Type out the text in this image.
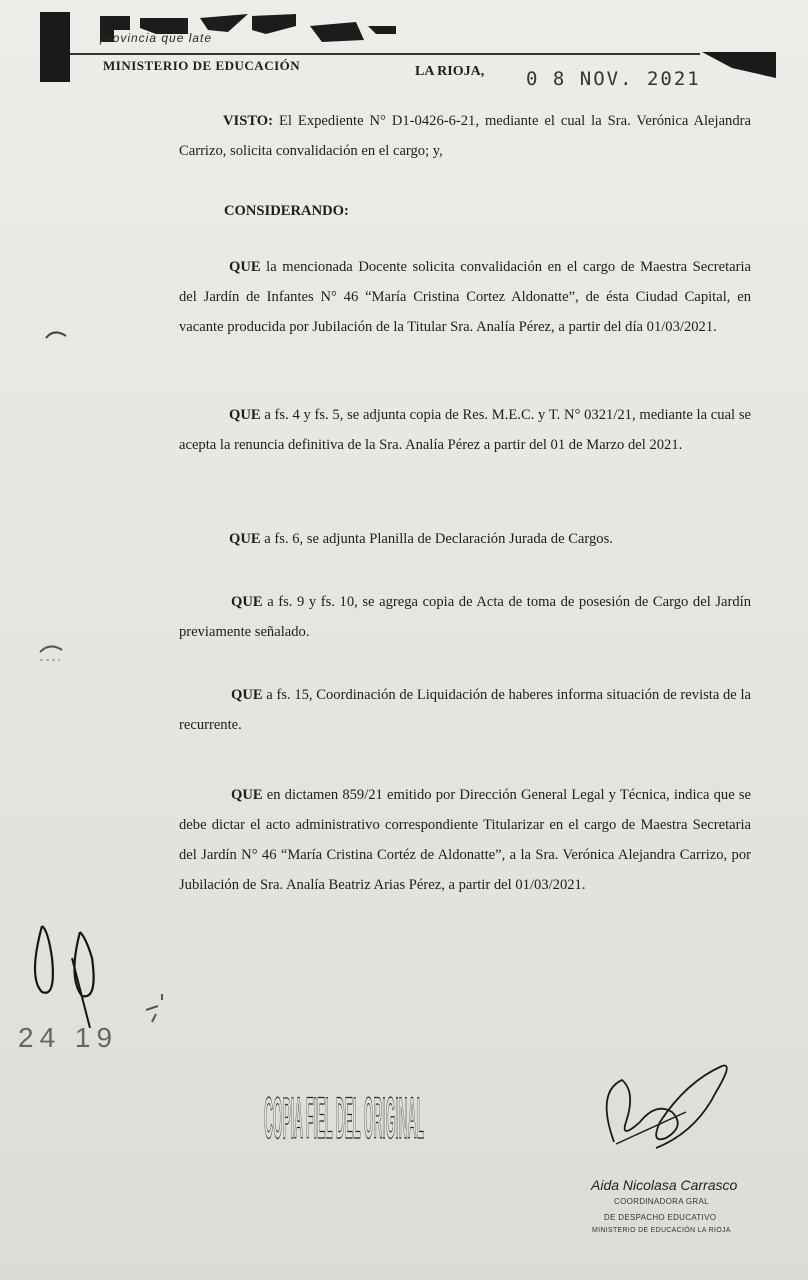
provincia que late
MINISTERIO DE EDUCACIÓN	LA RIOJA, 0 8 NOV. 2021
VISTO: El Expediente N° D1-0426-6-21, mediante el cual la Sra. Verónica Alejandra Carrizo, solicita convalidación en el cargo; y,
CONSIDERANDO:
QUE la mencionada Docente solicita convalidación en el cargo de Maestra Secretaria del Jardín de Infantes N° 46 “María Cristina Cortez Aldonatte”, de ésta Ciudad Capital, en vacante producida por Jubilación de la Titular Sra. Analía Pérez, a partir del día 01/03/2021.
QUE a fs. 4 y fs. 5, se adjunta copia de Res. M.E.C. y T. N° 0321/21, mediante la cual se acepta la renuncia definitiva de la Sra. Analía Pérez a partir del 01 de Marzo del 2021.
QUE a fs. 6, se adjunta Planilla de Declaración Jurada de Cargos.
QUE a fs. 9 y fs. 10, se agrega copia de Acta de toma de posesión de Cargo del Jardín previamente señalado.
QUE a fs. 15, Coordinación de Liquidación de haberes informa situación de revista de la recurrente.
QUE en dictamen 859/21 emitido por Dirección General Legal y Técnica, indica que se debe dictar el acto administrativo correspondiente Titularizar en el cargo de Maestra Secretaria del Jardín N° 46 “María Cristina Cortéz de Aldonatte”, a la Sra. Verónica Alejandra Carrizo, por Jubilación de Sra. Analía Beatriz Arias Pérez, a partir del 01/03/2021.
24 19
COPIA FIEL DEL ORIGINAL
Aida Nicolasa Carrasco
COORDINADORA GRAL
DE DESPACHO EDUCATIVO
MINISTERIO DE EDUCACIÓN LA RIOJA
